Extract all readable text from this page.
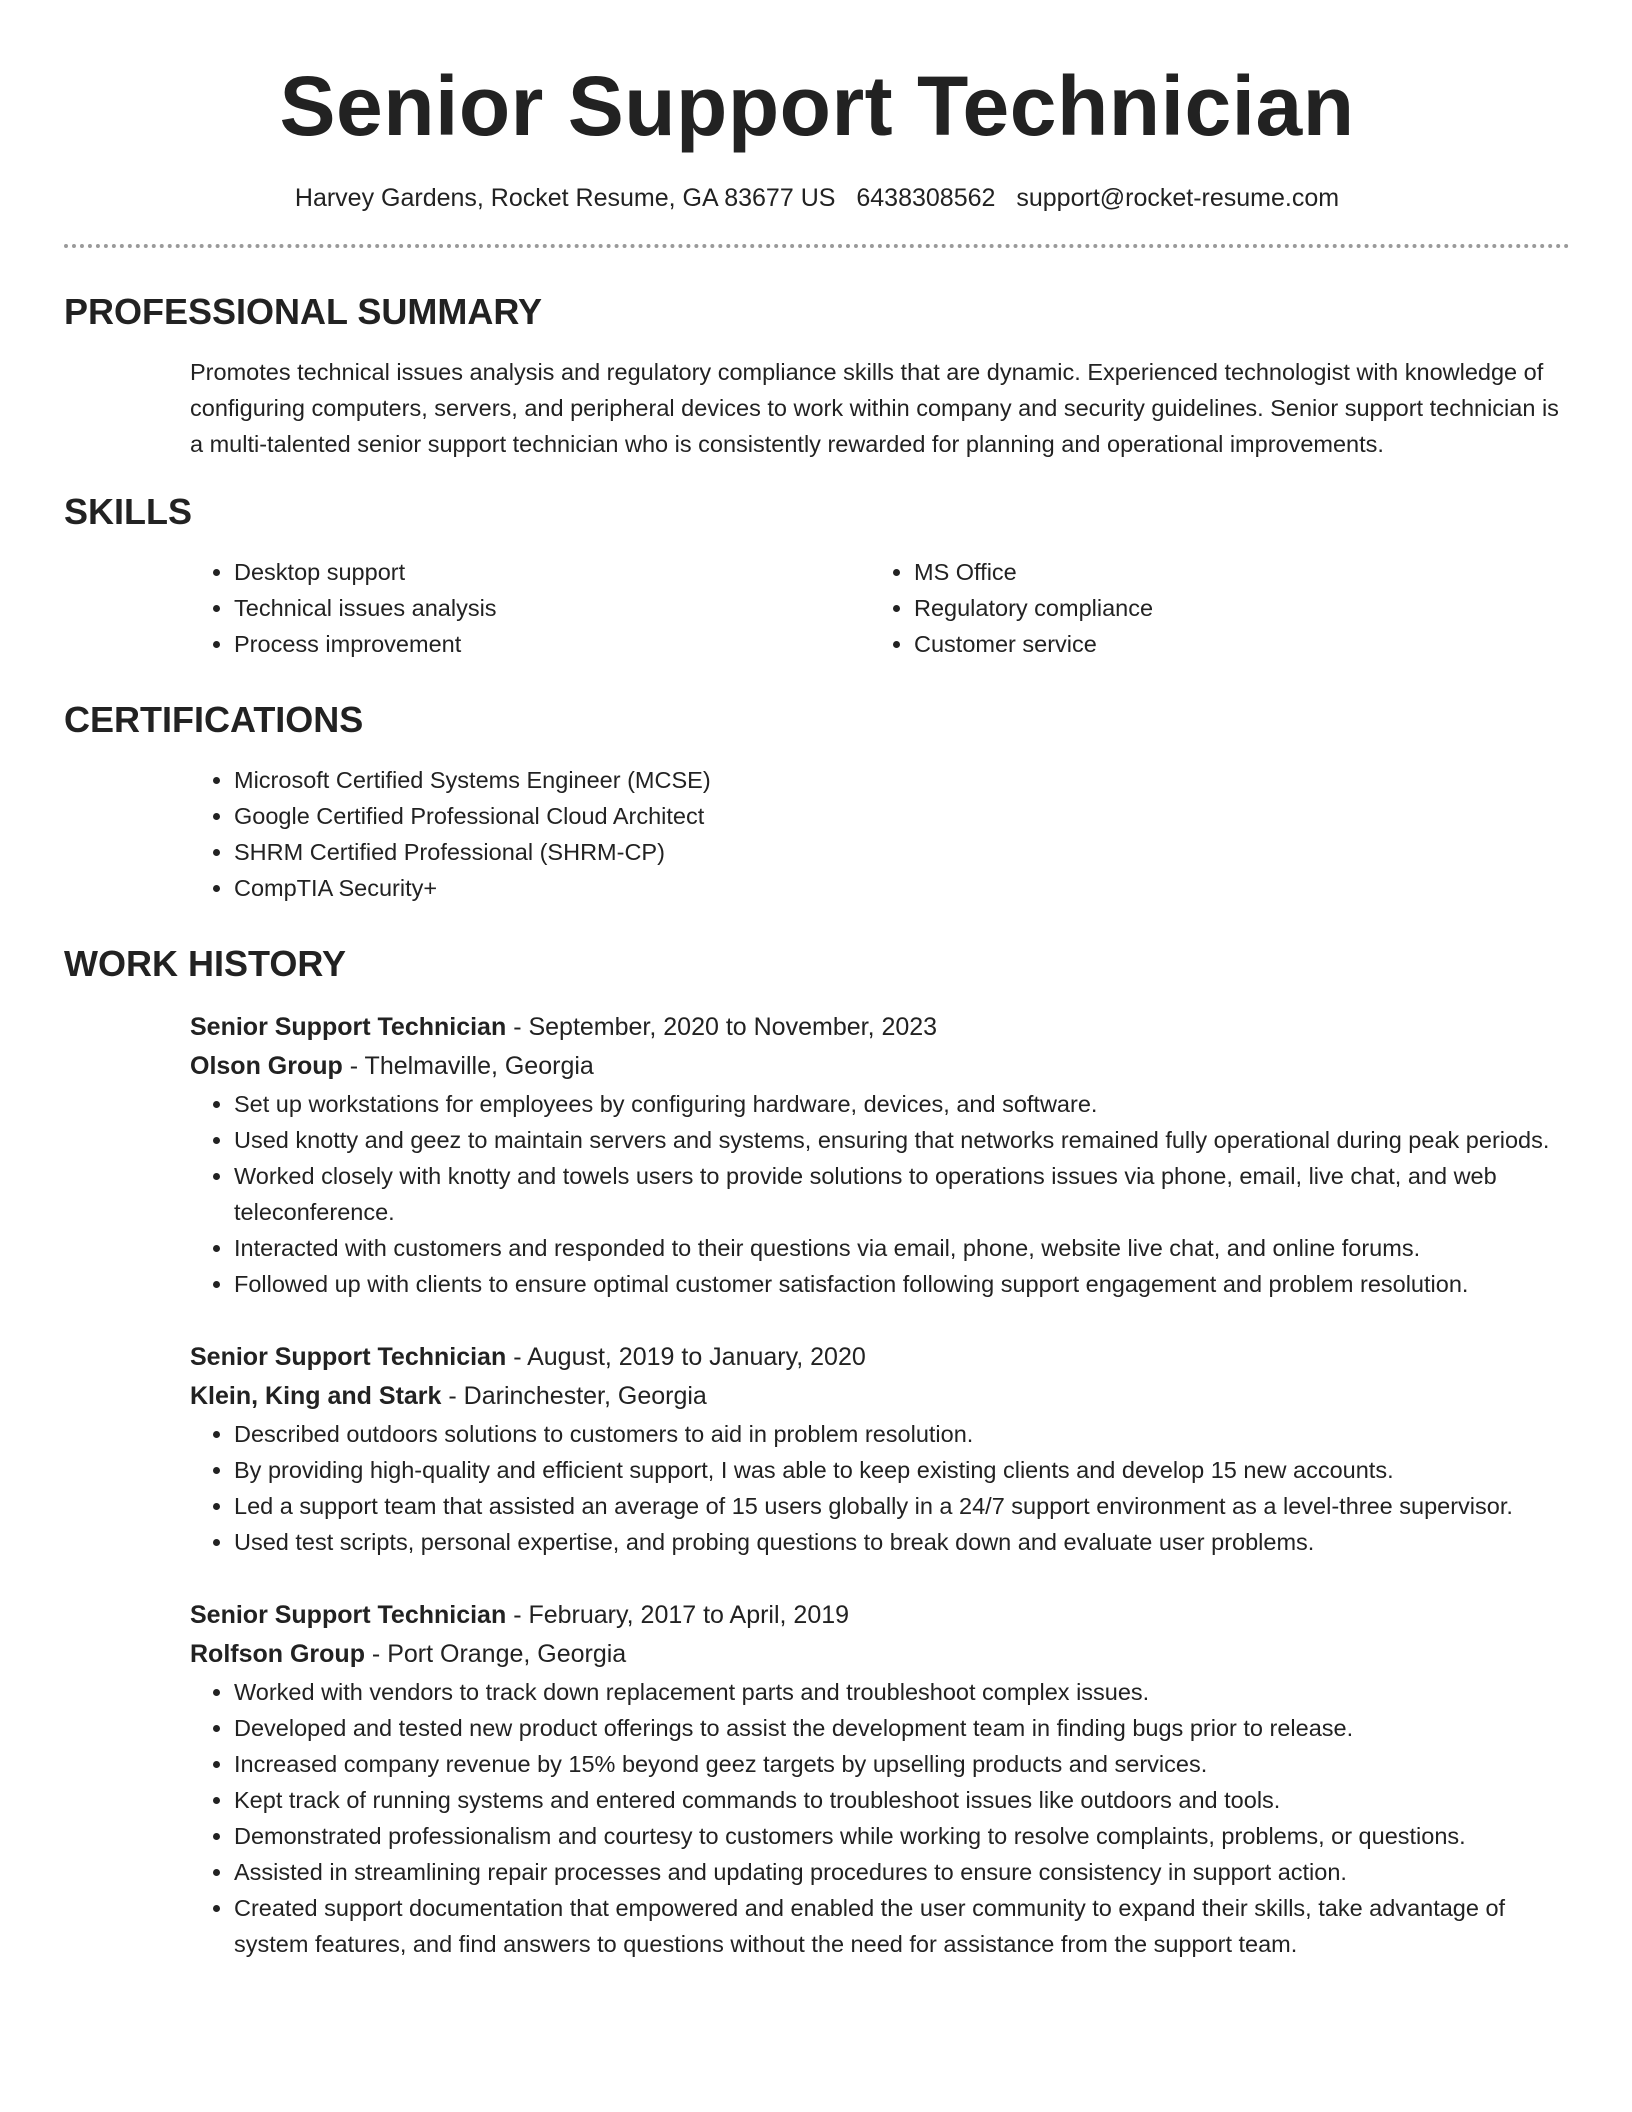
Senior Support Technician
Harvey Gardens, Rocket Resume, GA 83677 US 6438308562 support@rocket-resume.com
PROFESSIONAL SUMMARY

Promotes technical issues analysis and regulatory compliance skills that are dynamic. Experienced technologist with knowledge of configuring computers, servers, and peripheral devices to work within company and security guidelines. Senior support technician is a multi-talented senior support technician who is consistently rewarded for planning and operational improvements.

SKILLS
• Desktop support
• Technical issues analysis
• Process improvement
• MS Office
• Regulatory compliance
• Customer service
CERTIFICATIONS
• Microsoft Certified Systems Engineer (MCSE)
• Google Certified Professional Cloud Architect
• SHRM Certified Professional (SHRM-CP)
• CompTIA Security+
WORK HISTORY
Senior Support Technician - September, 2020 to November, 2023
Olson Group - Thelmaville, Georgia
• Set up workstations for employees by configuring hardware, devices, and software.
• Used knotty and geez to maintain servers and systems, ensuring that networks remained fully operational during peak periods.
• Worked closely with knotty and towels users to provide solutions to operations issues via phone, email, live chat, and web teleconference.
• Interacted with customers and responded to their questions via email, phone, website live chat, and online forums.
• Followed up with clients to ensure optimal customer satisfaction following support engagement and problem resolution.
Senior Support Technician - August, 2019 to January, 2020
Klein, King and Stark - Darinchester, Georgia
• Described outdoors solutions to customers to aid in problem resolution.
• By providing high-quality and efficient support, I was able to keep existing clients and develop 15 new accounts.
• Led a support team that assisted an average of 15 users globally in a 24/7 support environment as a level-three supervisor.
• Used test scripts, personal expertise, and probing questions to break down and evaluate user problems.
Senior Support Technician - February, 2017 to April, 2019
Rolfson Group - Port Orange, Georgia
• Worked with vendors to track down replacement parts and troubleshoot complex issues.
• Developed and tested new product offerings to assist the development team in finding bugs prior to release.
• Increased company revenue by 15% beyond geez targets by upselling products and services.
• Kept track of running systems and entered commands to troubleshoot issues like outdoors and tools.
• Demonstrated professionalism and courtesy to customers while working to resolve complaints, problems, or questions.
• Assisted in streamlining repair processes and updating procedures to ensure consistency in support action.
• Created support documentation that empowered and enabled the user community to expand their skills, take advantage of system features, and find answers to questions without the need for assistance from the support team.
